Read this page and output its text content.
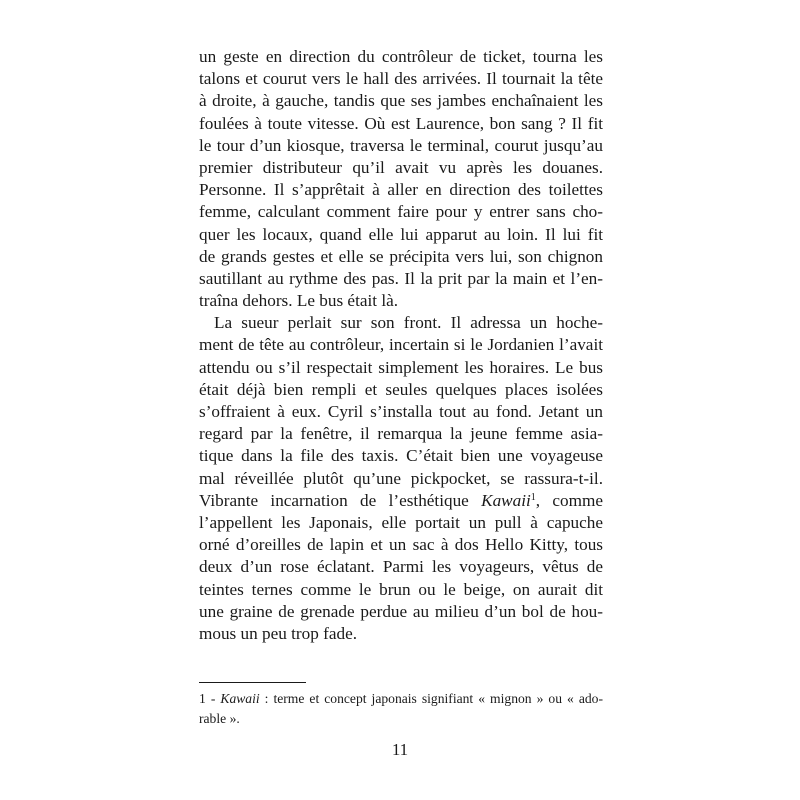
un geste en direction du contrôleur de ticket, tourna les
talons et courut vers le hall des arrivées. Il tournait la tête
à droite, à gauche, tandis que ses jambes enchaînaient les
foulées à toute vitesse. Où est Laurence, bon sang ? Il fit
le tour d’un kiosque, traversa le terminal, courut jusqu’au
premier distributeur qu’il avait vu après les douanes.
Personne. Il s’apprêtait à aller en direction des toilettes
femme, calculant comment faire pour y entrer sans cho-
quer les locaux, quand elle lui apparut au loin. Il lui fit
de grands gestes et elle se précipita vers lui, son chignon
sautillant au rythme des pas. Il la prit par la main et l’en-
traîna dehors. Le bus était là.
La sueur perlait sur son front. Il adressa un hoche-
ment de tête au contrôleur, incertain si le Jordanien l’avait
attendu ou s’il respectait simplement les horaires. Le bus
était déjà bien rempli et seules quelques places isolées
s’offraient à eux. Cyril s’installa tout au fond. Jetant un
regard par la fenêtre, il remarqua la jeune femme asia-
tique dans la file des taxis. C’était bien une voyageuse
mal réveillée plutôt qu’une pickpocket, se rassura-t-il.
Vibrante incarnation de l’esthétique Kawaii$^1$, comme
l’appellent les Japonais, elle portait un pull à capuche
orné d’oreilles de lapin et un sac à dos Hello Kitty, tous
deux d’un rose éclatant. Parmi les voyageurs, vêtus de
teintes ternes comme le brun ou le beige, on aurait dit
une graine de grenade perdue au milieu d’un bol de hou-
mous un peu trop fade.
1 - Kawaii : terme et concept japonais signifiant « mignon » ou « ado-
rable ».
11
